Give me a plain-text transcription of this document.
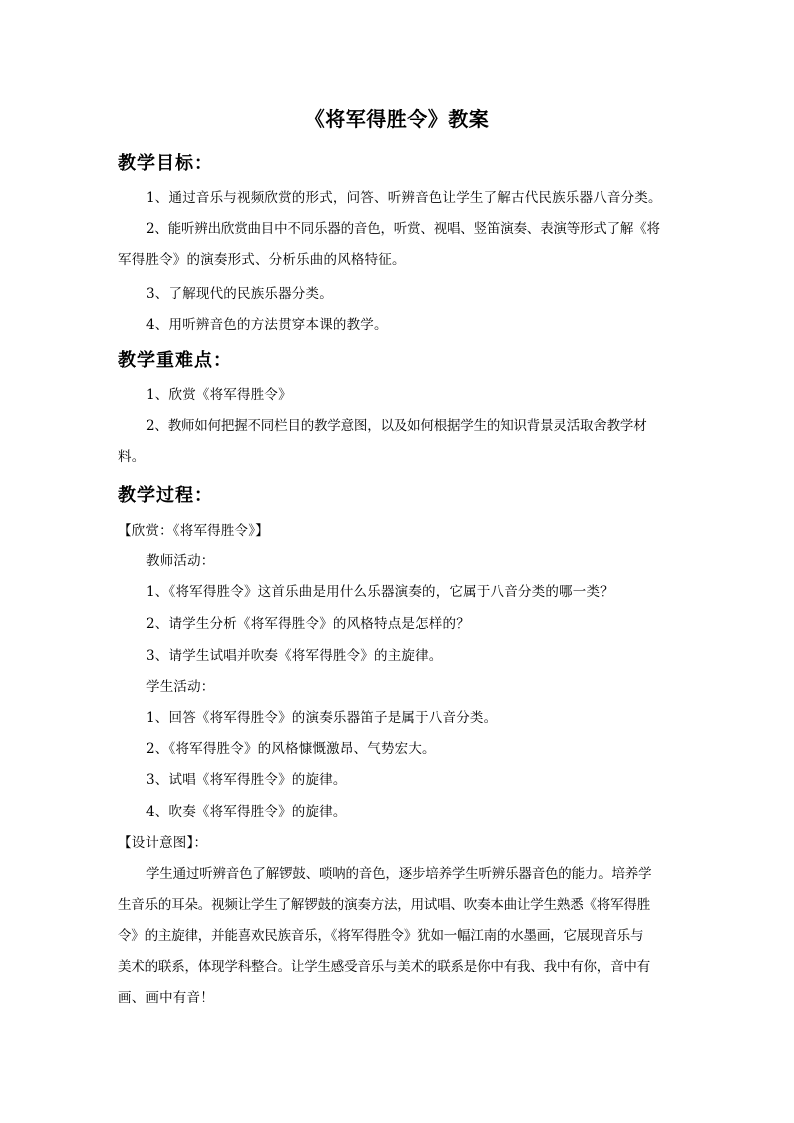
《将军得胜令》教案
教学目标：
1、通过音乐与视频欣赏的形式，问答、听辨音色让学生了解古代民族乐器八音分类。
2、能听辨出欣赏曲目中不同乐器的音色，听赏、视唱、竖笛演奏、表演等形式了解《将
军得胜令》的演奏形式、分析乐曲的风格特征。
3、了解现代的民族乐器分类。
4、用听辨音色的方法贯穿本课的教学。
教学重难点：
1、欣赏《将军得胜令》
2、教师如何把握不同栏目的教学意图，以及如何根据学生的知识背景灵活取舍教学材
料。
教学过程：
【欣赏：《将军得胜令》】
教师活动：
1、《将军得胜令》这首乐曲是用什么乐器演奏的，它属于八音分类的哪一类？
2、请学生分析《将军得胜令》的风格特点是怎样的？
3、请学生试唱并吹奏《将军得胜令》的主旋律。
学生活动：
1、回答《将军得胜令》的演奏乐器笛子是属于八音分类。
2、《将军得胜令》的风格慷慨激昂、气势宏大。
3、试唱《将军得胜令》的旋律。
4、吹奏《将军得胜令》的旋律。
【设计意图】：
学生通过听辨音色了解锣鼓、唢呐的音色，逐步培养学生听辨乐器音色的能力。培养学
生音乐的耳朵。视频让学生了解锣鼓的演奏方法，用试唱、吹奏本曲让学生熟悉《将军得胜
令》的主旋律，并能喜欢民族音乐，《将军得胜令》犹如一幅江南的水墨画，它展现音乐与
美术的联系，体现学科整合。让学生感受音乐与美术的联系是你中有我、我中有你，音中有
画、画中有音！
